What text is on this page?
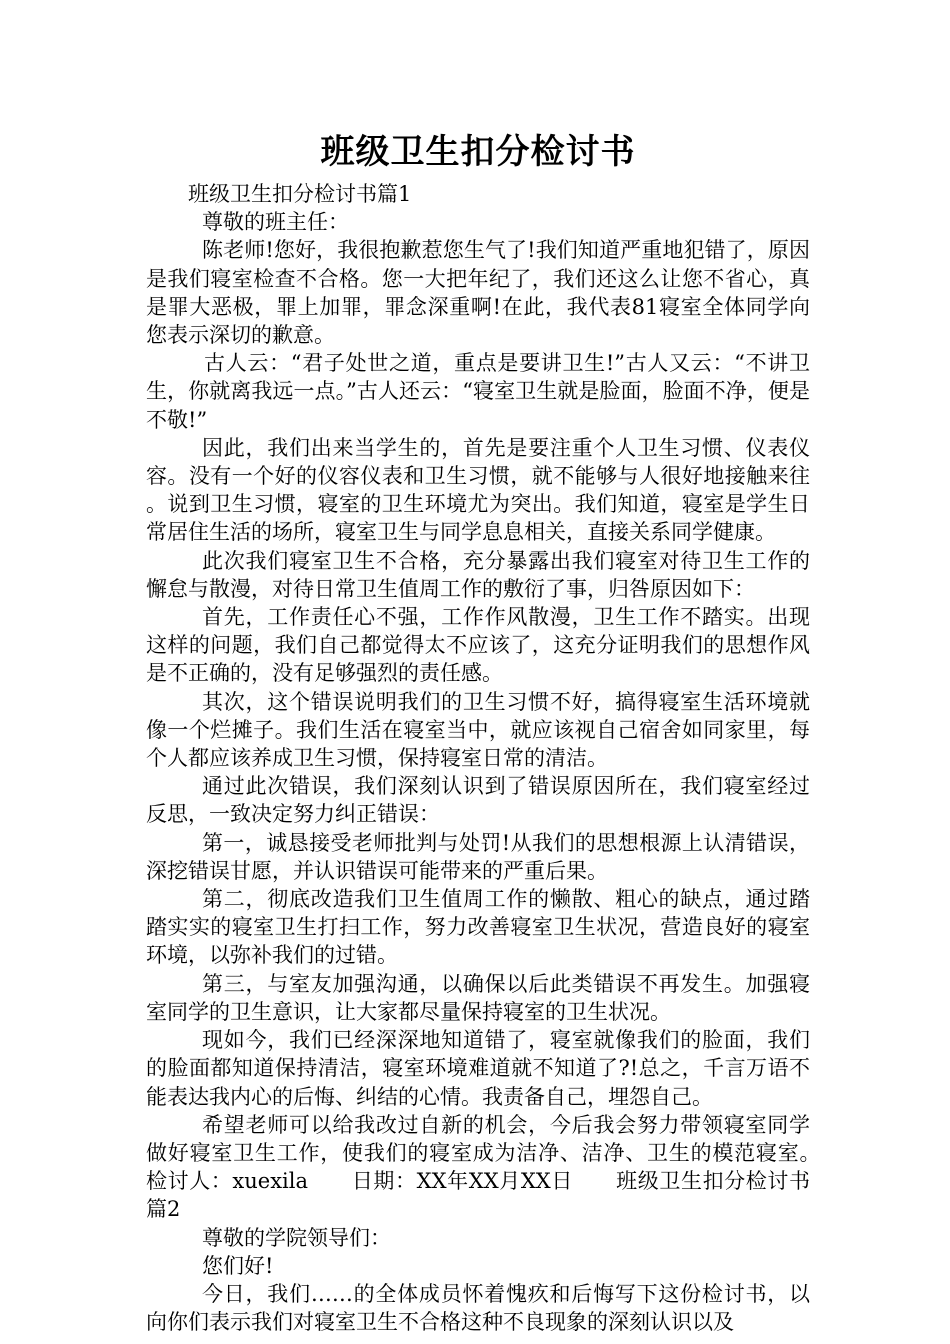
班级卫生扣分检讨书

班级卫生扣分检讨书篇1

尊敬的班主任：

陈老师!您好，我很抱歉惹您生气了!我们知道严重地犯错了，原因是我们寝室检查不合格。您一大把年纪了，我们还这么让您不省心，真是罪大恶极，罪上加罪，罪念深重啊!在此，我代表81寝室全体同学向您表示深切的歉意。

古人云：“君子处世之道，重点是要讲卫生!”古人又云：“不讲卫生，你就离我远一点。”古人还云：“寝室卫生就是脸面，脸面不净，便是不敬!”

因此，我们出来当学生的，首先是要注重个人卫生习惯、仪表仪容。没有一个好的仪容仪表和卫生习惯，就不能够与人很好地接触来往。说到卫生习惯，寝室的卫生环境尤为突出。我们知道，寝室是学生日常居住生活的场所，寝室卫生与同学息息相关，直接关系同学健康。

此次我们寝室卫生不合格，充分暴露出我们寝室对待卫生工作的懈怠与散漫，对待日常卫生值周工作的敷衍了事，归咎原因如下：

首先，工作责任心不强，工作作风散漫，卫生工作不踏实。出现这样的问题，我们自己都觉得太不应该了，这充分证明我们的思想作风是不正确的，没有足够强烈的责任感。

其次，这个错误说明我们的卫生习惯不好，搞得寝室生活环境就像一个烂摊子。我们生活在寝室当中，就应该视自己宿舍如同家里，每个人都应该养成卫生习惯，保持寝室日常的清洁。

通过此次错误，我们深刻认识到了错误原因所在，我们寝室经过反思，一致决定努力纠正错误：

第一，诚恳接受老师批判与处罚!从我们的思想根源上认清错误，深挖错误甘愿，并认识错误可能带来的严重后果。

第二，彻底改造我们卫生值周工作的懒散、粗心的缺点，通过踏踏实实的寝室卫生打扫工作，努力改善寝室卫生状况，营造良好的寝室环境，以弥补我们的过错。

第三，与室友加强沟通，以确保以后此类错误不再发生。加强寝室同学的卫生意识，让大家都尽量保持寝室的卫生状况。

现如今，我们已经深深地知道错了，寝室就像我们的脸面，我们的脸面都知道保持清洁，寝室环境难道就不知道了?!总之，千言万语不能表达我内心的后悔、纠结的心情。我责备自己，埋怨自己。

希望老师可以给我改过自新的机会，今后我会努力带领寝室同学做好寝室卫生工作，使我们的寝室成为洁净、洁净、卫生的模范寝室。　　检讨人：xuexila　　日期：XX年XX月XX日　　班级卫生扣分检讨书篇2

尊敬的学院领导们：

您们好!

今日，我们……的全体成员怀着愧疚和后悔写下这份检讨书，以向你们表示我们对寝室卫生不合格这种不良现象的深刻认识以及
